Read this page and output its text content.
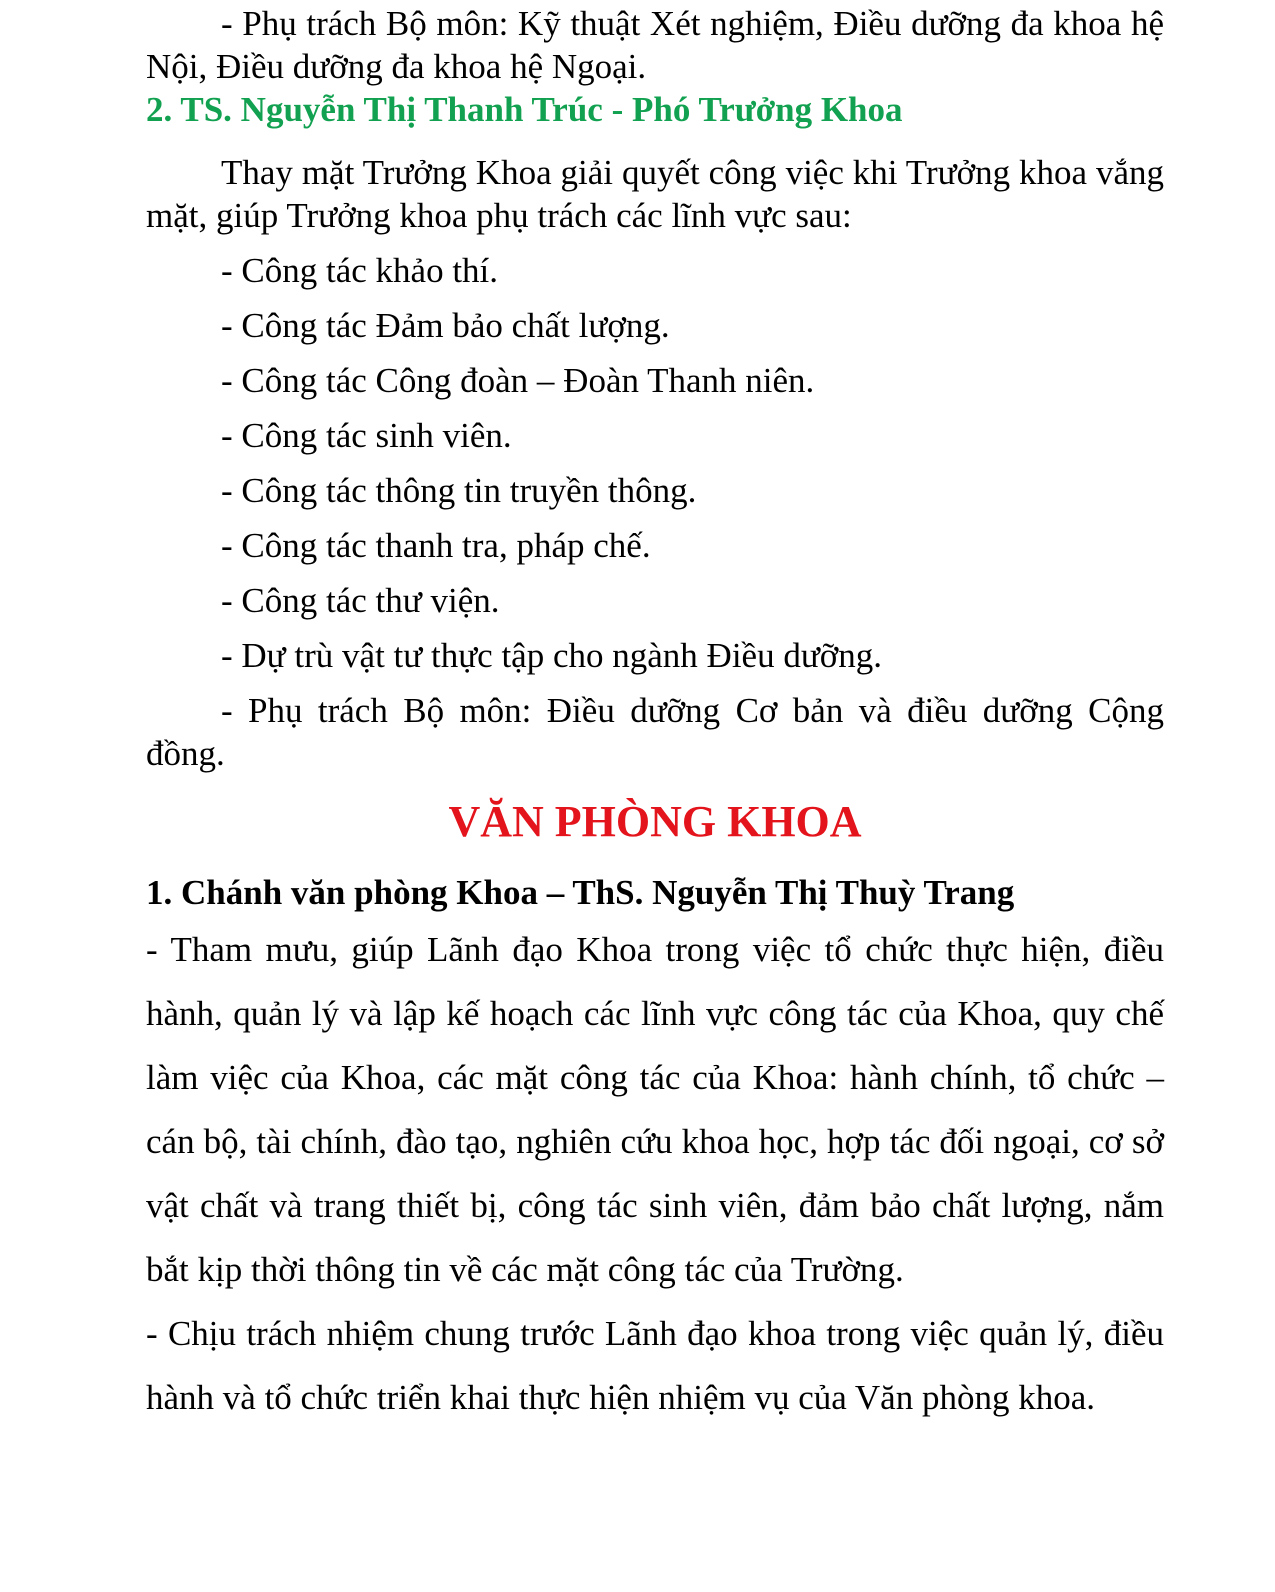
- Phụ trách Bộ môn: Kỹ thuật Xét nghiệm, Điều dưỡng đa khoa hệ Nội, Điều dưỡng đa khoa hệ Ngoại.

2. TS. Nguyễn Thị Thanh Trúc - Phó Trưởng Khoa

Thay mặt Trưởng Khoa giải quyết công việc khi Trưởng khoa vắng mặt, giúp Trưởng khoa phụ trách các lĩnh vực sau:

- Công tác khảo thí.

- Công tác Đảm bảo chất lượng.

- Công tác Công đoàn – Đoàn Thanh niên.

- Công tác sinh viên.

- Công tác thông tin truyền thông.

- Công tác thanh tra, pháp chế.

- Công tác thư viện.

- Dự trù vật tư thực tập cho ngành Điều dưỡng.

- Phụ trách Bộ môn: Điều dưỡng Cơ bản và điều dưỡng Cộng đồng.

VĂN PHÒNG KHOA

1. Chánh văn phòng Khoa – ThS. Nguyễn Thị Thuỳ Trang

- Tham mưu, giúp Lãnh đạo Khoa trong việc tổ chức thực hiện, điều hành, quản lý và lập kế hoạch các lĩnh vực công tác của Khoa, quy chế làm việc của Khoa, các mặt công tác của Khoa: hành chính, tổ chức – cán bộ, tài chính, đào tạo, nghiên cứu khoa học, hợp tác đối ngoại, cơ sở vật chất và trang thiết bị, công tác sinh viên, đảm bảo chất lượng, nắm bắt kịp thời thông tin về các mặt công tác của Trường.

- Chịu trách nhiệm chung trước Lãnh đạo khoa trong việc quản lý, điều hành và tổ chức triển khai thực hiện nhiệm vụ của Văn phòng khoa.
